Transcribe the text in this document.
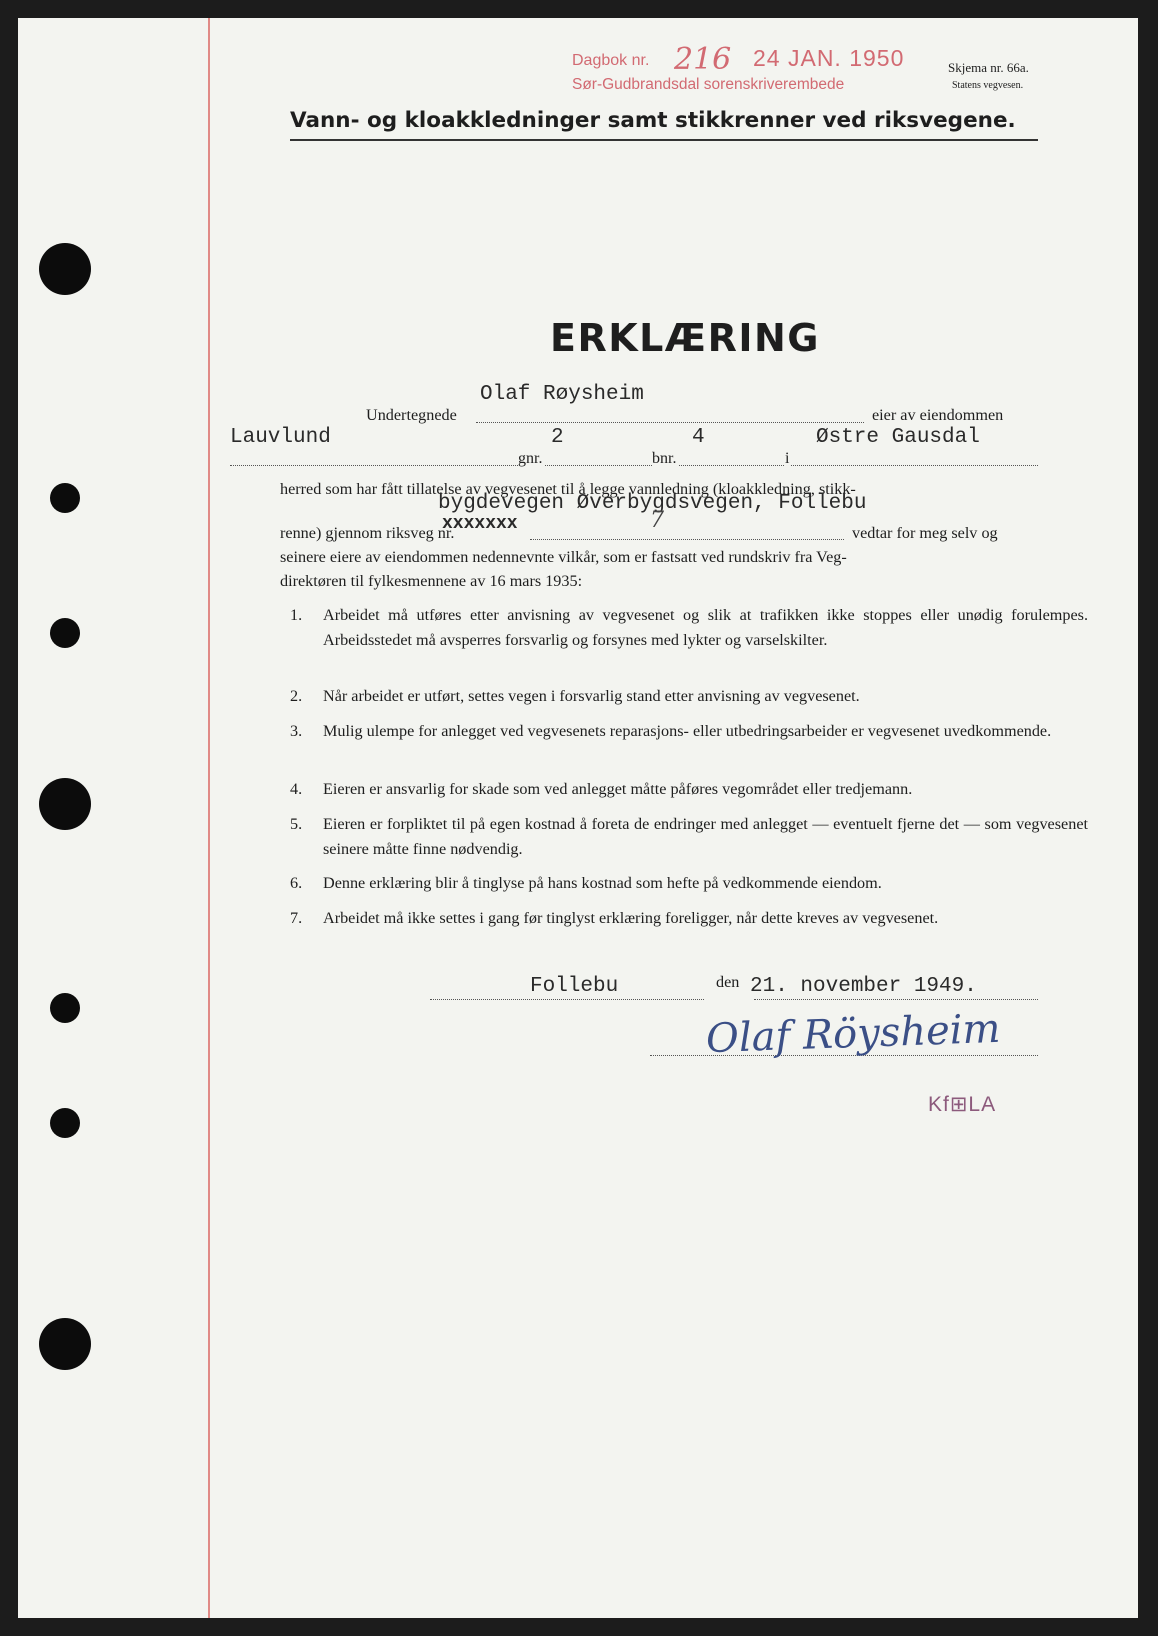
Dagbok nr. 216 24 JAN. 1950
Sør-Gudbrandsdal sorenskriverembede
Skjema nr. 66a.
Statens vegvesen.
Vann- og kloakkledninger samt stikkrenner ved riksvegene.
ERKLÆRING
Olaf Røysheim
Undertegnede	eier av eiendommen
Lauvlund	2
gnr.
4
bnr.
Østre Gausdal
i
herred som har fått tillatelse av vegvesenet til å legge vannledning (kloakkledning, stikk-
bygdevegen Øverbygdsvegen, Follebu
renne) gjennom riksveg nr.
xxxxxxx	7	vedtar for meg selv og
seinere eiere av eiendommen nedennevnte vilkår, som er fastsatt ved rundskriv fra Veg-
direktøren til fylkesmennene av 16 mars 1935:
1. Arbeidet må utføres etter anvisning av vegvesenet og slik at trafikken ikke stoppes eller unødig forulempes. Arbeidsstedet må avsperres forsvarlig og forsynes med lykter og varselskilter.
2. Når arbeidet er utført, settes vegen i forsvarlig stand etter anvisning av vegvesenet.
3. Mulig ulempe for anlegget ved vegvesenets reparasjons- eller utbedringsarbeider er vegvesenet uvedkommende.
4. Eieren er ansvarlig for skade som ved anlegget måtte påføres vegområdet eller tredjemann.
5. Eieren er forpliktet til på egen kostnad å foreta de endringer med anlegget — eventuelt fjerne det — som vegvesenet seinere måtte finne nødvendig.
6. Denne erklæring blir å tinglyse på hans kostnad som hefte på vedkommende eiendom.
7. Arbeidet må ikke settes i gang før tinglyst erklæring foreligger, når dette kreves av vegvesenet.
Follebu	den 21. november 1949.
Olaf Röysheim
Kf⊞LA
